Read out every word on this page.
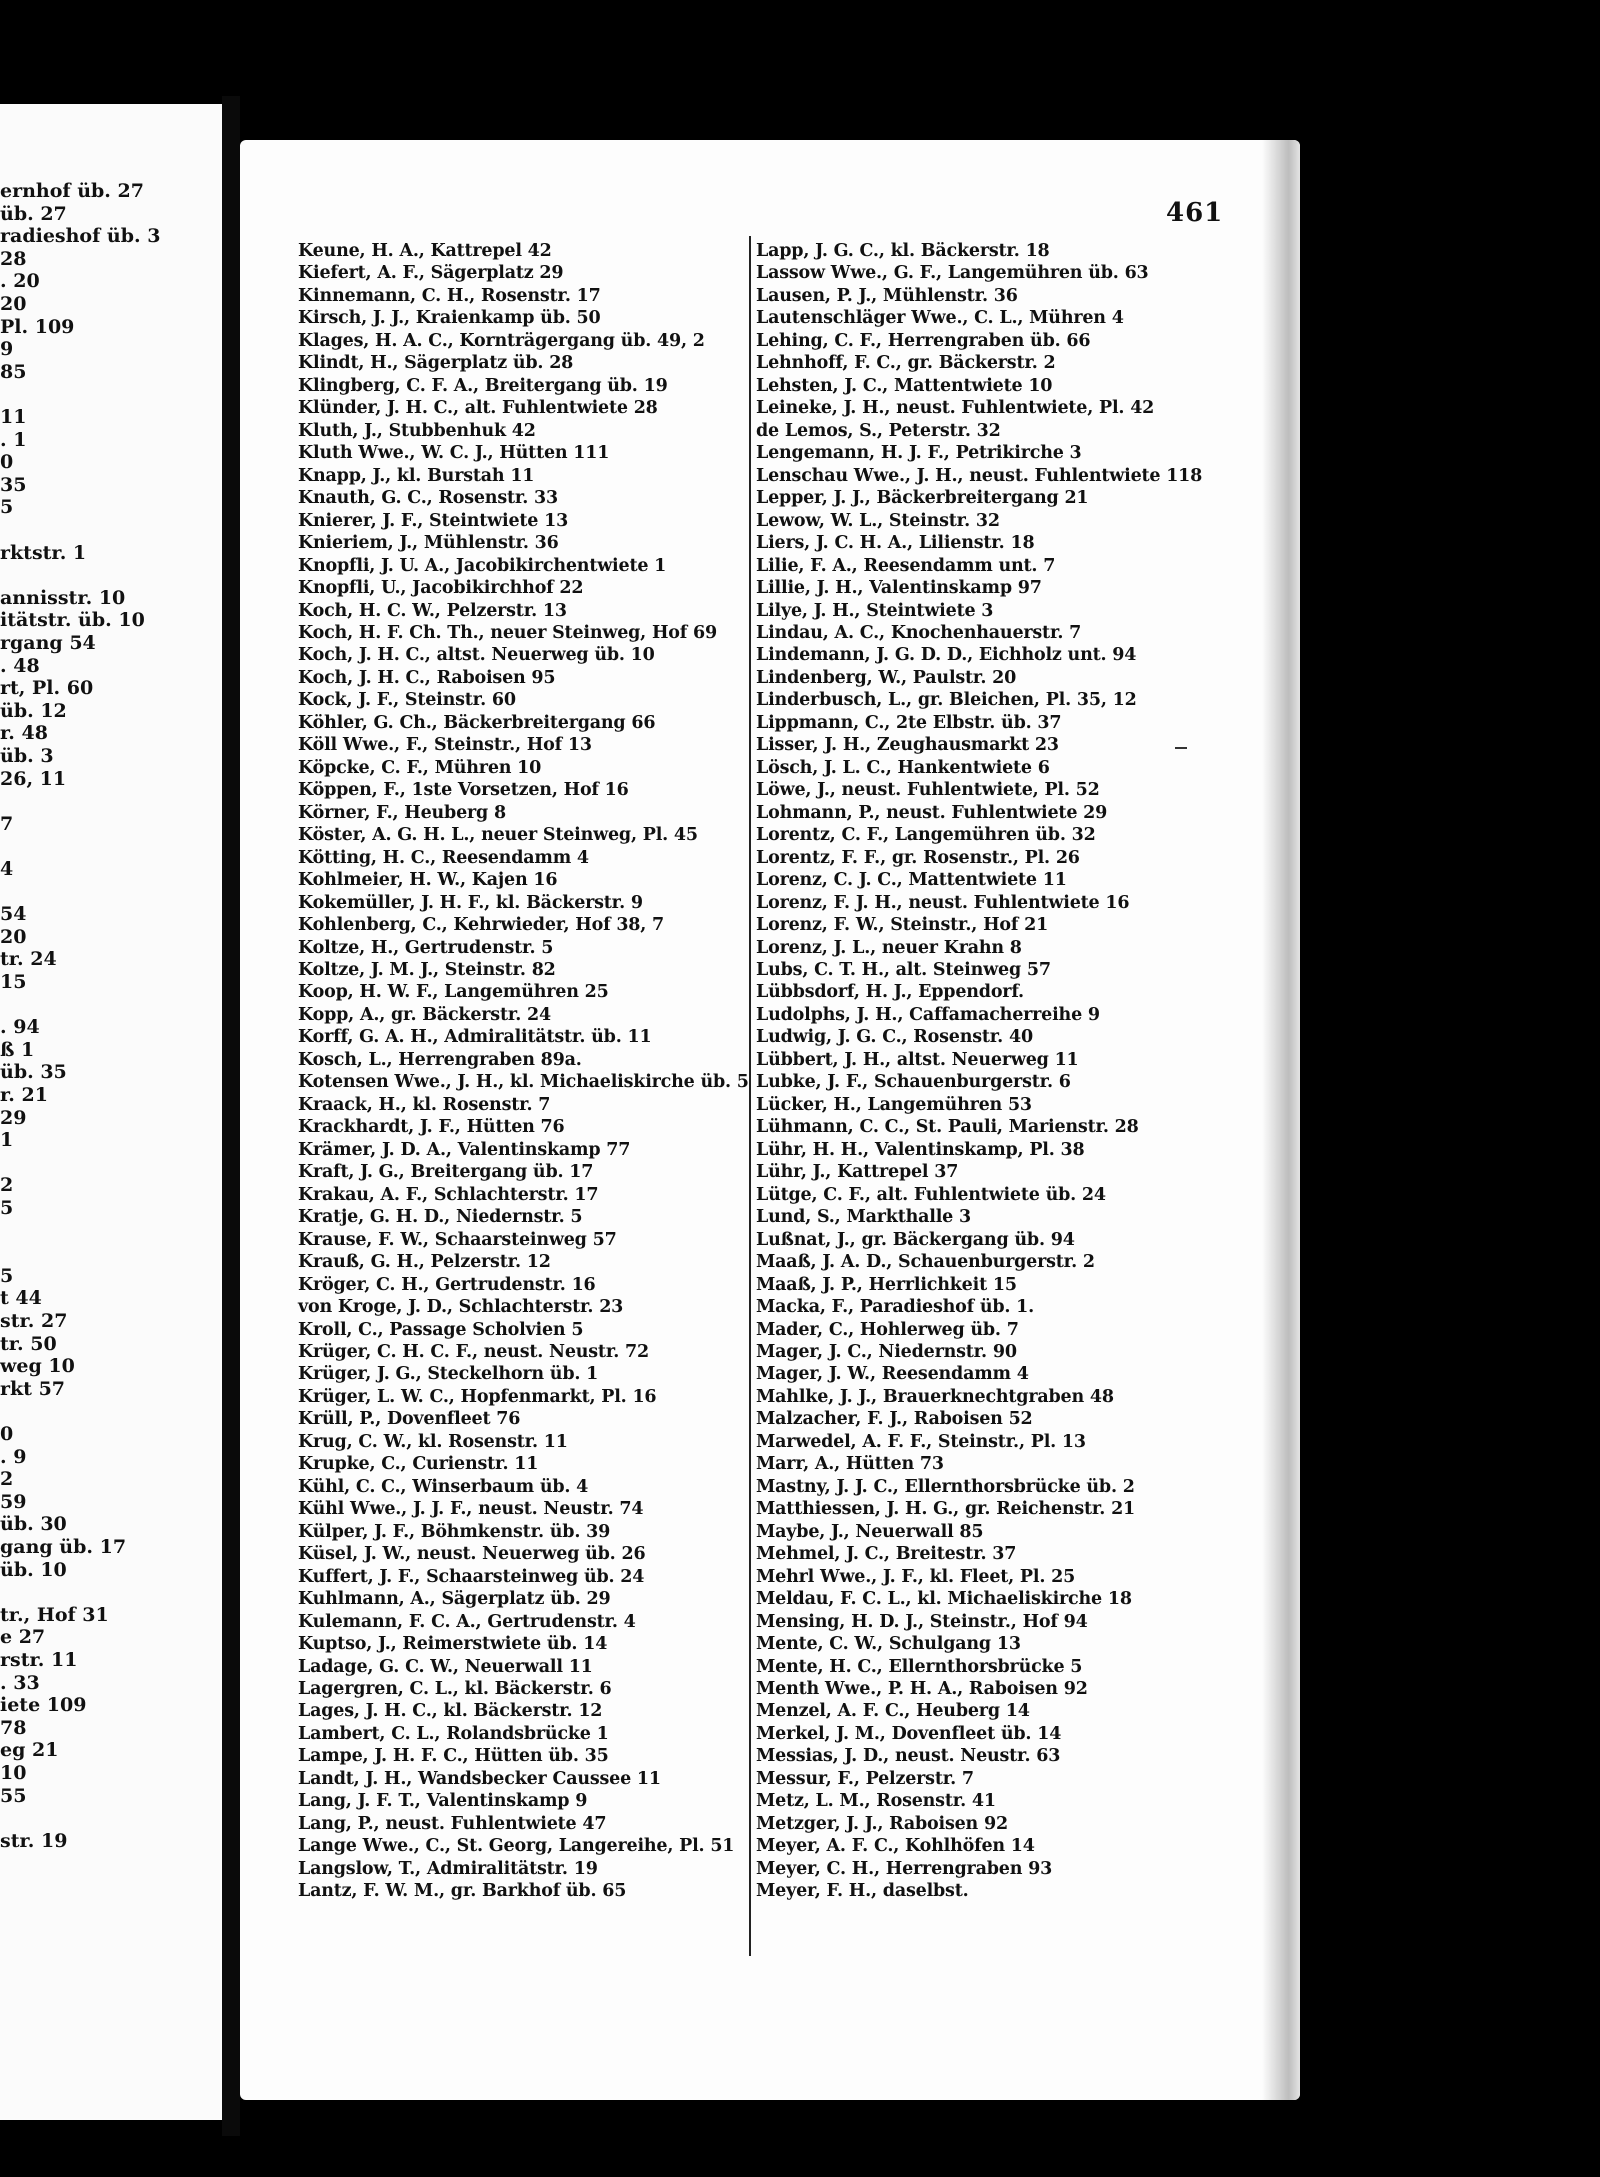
ernhof üb. 27
üb. 27
radieshof üb. 3
28
. 20
20
Pl. 109
9
85
11
. 1
0
35
5
rktstr. 1
annisstr. 10
itätstr. üb. 10
rgang 54
. 48
rt, Pl. 60
üb. 12
r. 48
üb. 3
26, 11
7
4
54
20
tr. 24
15
. 94
ß 1
üb. 35
r. 21
29
1
2
5
5
t 44
str. 27
tr. 50
weg 10
rkt 57
0
. 9
2
59
üb. 30
gang üb. 17
üb. 10
tr., Hof 31
e 27
rstr. 11
. 33
iete 109
78
eg 21
10
55
str. 19
461
Keune, H. A., Kattrepel 42
Kiefert, A. F., Sägerplatz 29
Kinnemann, C. H., Rosenstr. 17
Kirsch, J. J., Kraienkamp üb. 50
Klages, H. A. C., Kornträgergang üb. 49, 2
Klindt, H., Sägerplatz üb. 28
Klingberg, C. F. A., Breitergang üb. 19
Klünder, J. H. C., alt. Fuhlentwiete 28
Kluth, J., Stubbenhuk 42
Kluth Wwe., W. C. J., Hütten 111
Knapp, J., kl. Burstah 11
Knauth, G. C., Rosenstr. 33
Knierer, J. F., Steintwiete 13
Knieriem, J., Mühlenstr. 36
Knopfli, J. U. A., Jacobikirchentwiete 1
Knopfli, U., Jacobikirchhof 22
Koch, H. C. W., Pelzerstr. 13
Koch, H. F. Ch. Th., neuer Steinweg, Hof 69
Koch, J. H. C., altst. Neuerweg üb. 10
Koch, J. H. C., Raboisen 95
Kock, J. F., Steinstr. 60
Köhler, G. Ch., Bäckerbreitergang 66
Köll Wwe., F., Steinstr., Hof 13
Köpcke, C. F., Mühren 10
Köppen, F., 1ste Vorsetzen, Hof 16
Körner, F., Heuberg 8
Köster, A. G. H. L., neuer Steinweg, Pl. 45
Kötting, H. C., Reesendamm 4
Kohlmeier, H. W., Kajen 16
Kokemüller, J. H. F., kl. Bäckerstr. 9
Kohlenberg, C., Kehrwieder, Hof 38, 7
Koltze, H., Gertrudenstr. 5
Koltze, J. M. J., Steinstr. 82
Koop, H. W. F., Langemühren 25
Kopp, A., gr. Bäckerstr. 24
Korff, G. A. H., Admiralitätstr. üb. 11
Kosch, L., Herrengraben 89a.
Kotensen Wwe., J. H., kl. Michaeliskirche üb. 5
Kraack, H., kl. Rosenstr. 7
Krackhardt, J. F., Hütten 76
Krämer, J. D. A., Valentinskamp 77
Kraft, J. G., Breitergang üb. 17
Krakau, A. F., Schlachterstr. 17
Kratje, G. H. D., Niedernstr. 5
Krause, F. W., Schaarsteinweg 57
Krauß, G. H., Pelzerstr. 12
Kröger, C. H., Gertrudenstr. 16
von Kroge, J. D., Schlachterstr. 23
Kroll, C., Passage Scholvien 5
Krüger, C. H. C. F., neust. Neustr. 72
Krüger, J. G., Steckelhorn üb. 1
Krüger, L. W. C., Hopfenmarkt, Pl. 16
Krüll, P., Dovenfleet 76
Krug, C. W., kl. Rosenstr. 11
Krupke, C., Curienstr. 11
Kühl, C. C., Winserbaum üb. 4
Kühl Wwe., J. J. F., neust. Neustr. 74
Külper, J. F., Böhmkenstr. üb. 39
Küsel, J. W., neust. Neuerweg üb. 26
Kuffert, J. F., Schaarsteinweg üb. 24
Kuhlmann, A., Sägerplatz üb. 29
Kulemann, F. C. A., Gertrudenstr. 4
Kuptso, J., Reimerstwiete üb. 14
Ladage, G. C. W., Neuerwall 11
Lagergren, C. L., kl. Bäckerstr. 6
Lages, J. H. C., kl. Bäckerstr. 12
Lambert, C. L., Rolandsbrücke 1
Lampe, J. H. F. C., Hütten üb. 35
Landt, J. H., Wandsbecker Caussee 11
Lang, J. F. T., Valentinskamp 9
Lang, P., neust. Fuhlentwiete 47
Lange Wwe., C., St. Georg, Langereihe, Pl. 51
Langslow, T., Admiralitätstr. 19
Lantz, F. W. M., gr. Barkhof üb. 65
Lapp, J. G. C., kl. Bäckerstr. 18
Lassow Wwe., G. F., Langemühren üb. 63
Lausen, P. J., Mühlenstr. 36
Lautenschläger Wwe., C. L., Mühren 4
Lehing, C. F., Herrengraben üb. 66
Lehnhoff, F. C., gr. Bäckerstr. 2
Lehsten, J. C., Mattentwiete 10
Leineke, J. H., neust. Fuhlentwiete, Pl. 42
de Lemos, S., Peterstr. 32
Lengemann, H. J. F., Petrikirche 3
Lenschau Wwe., J. H., neust. Fuhlentwiete 118
Lepper, J. J., Bäckerbreitergang 21
Lewow, W. L., Steinstr. 32
Liers, J. C. H. A., Lilienstr. 18
Lilie, F. A., Reesendamm unt. 7
Lillie, J. H., Valentinskamp 97
Lilye, J. H., Steintwiete 3
Lindau, A. C., Knochenhauerstr. 7
Lindemann, J. G. D. D., Eichholz unt. 94
Lindenberg, W., Paulstr. 20
Linderbusch, L., gr. Bleichen, Pl. 35, 12
Lippmann, C., 2te Elbstr. üb. 37
Lisser, J. H., Zeughausmarkt 23
Lösch, J. L. C., Hankentwiete 6
Löwe, J., neust. Fuhlentwiete, Pl. 52
Lohmann, P., neust. Fuhlentwiete 29
Lorentz, C. F., Langemühren üb. 32
Lorentz, F. F., gr. Rosenstr., Pl. 26
Lorenz, C. J. C., Mattentwiete 11
Lorenz, F. J. H., neust. Fuhlentwiete 16
Lorenz, F. W., Steinstr., Hof 21
Lorenz, J. L., neuer Krahn 8
Lubs, C. T. H., alt. Steinweg 57
Lübbsdorf, H. J., Eppendorf.
Ludolphs, J. H., Caffamacherreihe 9
Ludwig, J. G. C., Rosenstr. 40
Lübbert, J. H., altst. Neuerweg 11
Lubke, J. F., Schauenburgerstr. 6
Lücker, H., Langemühren 53
Lühmann, C. C., St. Pauli, Marienstr. 28
Lühr, H. H., Valentinskamp, Pl. 38
Lühr, J., Kattrepel 37
Lütge, C. F., alt. Fuhlentwiete üb. 24
Lund, S., Markthalle 3
Lußnat, J., gr. Bäckergang üb. 94
Maaß, J. A. D., Schauenburgerstr. 2
Maaß, J. P., Herrlichkeit 15
Macka, F., Paradieshof üb. 1.
Mader, C., Hohlerweg üb. 7
Mager, J. C., Niedernstr. 90
Mager, J. W., Reesendamm 4
Mahlke, J. J., Brauerknechtgraben 48
Malzacher, F. J., Raboisen 52
Marwedel, A. F. F., Steinstr., Pl. 13
Marr, A., Hütten 73
Mastny, J. J. C., Ellernthorsbrücke üb. 2
Matthiessen, J. H. G., gr. Reichenstr. 21
Maybe, J., Neuerwall 85
Mehmel, J. C., Breitestr. 37
Mehrl Wwe., J. F., kl. Fleet, Pl. 25
Meldau, F. C. L., kl. Michaeliskirche 18
Mensing, H. D. J., Steinstr., Hof 94
Mente, C. W., Schulgang 13
Mente, H. C., Ellernthorsbrücke 5
Menth Wwe., P. H. A., Raboisen 92
Menzel, A. F. C., Heuberg 14
Merkel, J. M., Dovenfleet üb. 14
Messias, J. D., neust. Neustr. 63
Messur, F., Pelzerstr. 7
Metz, L. M., Rosenstr. 41
Metzger, J. J., Raboisen 92
Meyer, A. F. C., Kohlhöfen 14
Meyer, C. H., Herrengraben 93
Meyer, F. H., daselbst.
